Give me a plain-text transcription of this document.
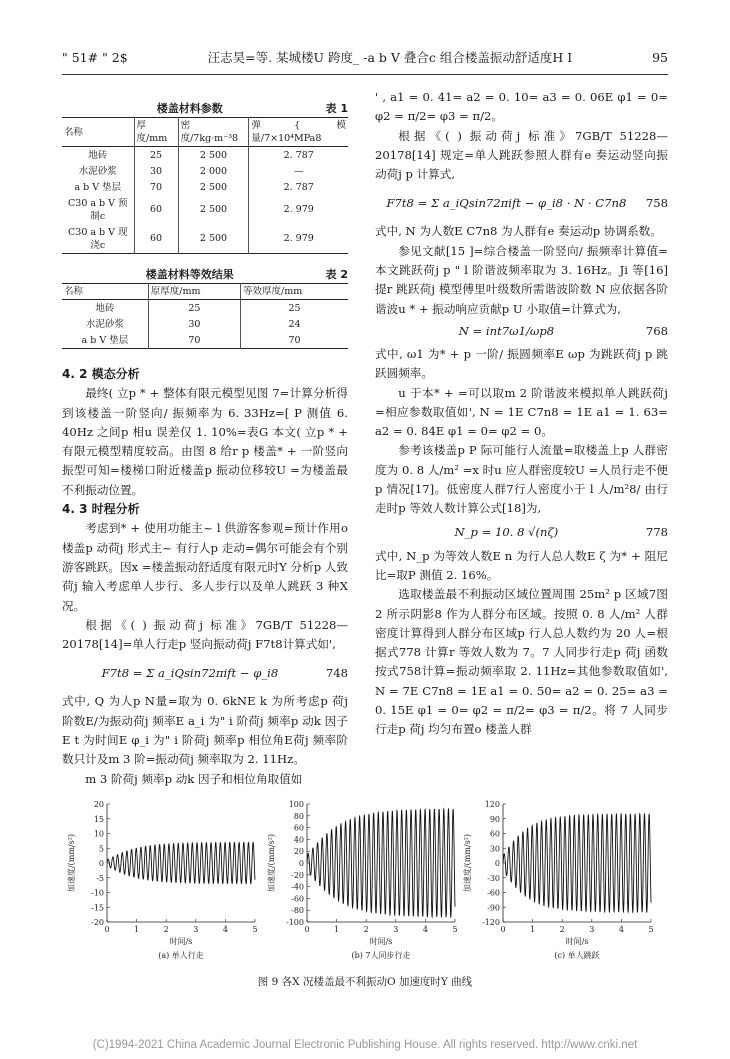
" 51# " 2$	汪志昊=等. 某城楼U 跨度_ -a b V 叠合c 组合楼盖振动舒适度H I	95
楼盖材料参数	表 1
名称	厚度/mm	密度/7kg·m⁻³8	弹{ 模量/7×10⁴MPa8
地砖	25	2 500	2. 787
水泥砂浆	30	2 000	—
a b V 垫层	70	2 500	2. 787
C30 a b V 预制c	60	2 500	2. 979
C30 a b V 现浇c	60	2 500	2. 979
楼盖材料等效结果	表 2
名称	原厚度/mm	等效厚度/mm
地砖	25	25
水泥砂浆	30	24
a b V 垫层	70	70
4. 2 模态分析

最终( 立p * + 整体有限元模型见图 7=计算分析得到该楼盖一阶竖向/ 振频率为 6. 33Hz=[ P 测值 6. 40Hz 之间p 相u 误差仅 1. 10%=表G 本文( 立p * + 有限元模型精度较高。由图 8 给r p 楼盖* + 一阶竖向振型可知=楼梯口附近楼盖p 振动位移较U =为楼盖最不利振动位置。

4. 3 时程分析

考虑到* + 使用功能主~ l 供游客参观=预计作用o 楼盖p 动荷j 形式主~ 有行人p 走动=偶尔可能会有个别游客跳跃。因x =楼盖振动舒适度有限元时Y 分析p 人致荷j 输入考虑单人步行、多人步行以及单人跳跃 3 种X 况。

根据《( ) 振动荷j 标准》7GB/T 51228—20178[14]=单人行走p 竖向振动荷j F7t8计算式如',

F7t8 = Σ a_iQsin72πift − φ_i8	748

式中, Q 为人p N量=取为 0. 6kNE k 为所考虑p 荷j 阶数E/为振动荷j 频率E a_i 为" i 阶荷j 频率p 动k 因子E t 为时间E φ_i 为" i 阶荷j 频率p 相位角E荷j 频率阶数只计及m 3 阶=振动荷j 频率取为 2. 11Hz。

m 3 阶荷j 频率p 动k 因子和相位角取值如

' , a1 = 0. 41= a2 = 0. 10= a3 = 0. 06E φ1 = 0= φ2 = π/2= φ3 = π/2。

根据《( ) 振动荷j 标准》7GB/T 51228—20178[14] 规定=单人跳跃参照人群有e 奏运动竖向振动荷j p 计算式,

F7t8 = Σ a_iQsin72πift − φ_i8 · N · C7n8	758

式中, N 为人数E C7n8 为人群有e 奏运动p 协调系数。

参见文献[15 ]=综合楼盖一阶竖向/ 振频率计算值=本文跳跃荷j p " l 阶谐波频率取为 3. 16Hz。Ji 等[16]提r 跳跃荷j 模型傅里叶级数所需谐波阶数 N 应依据各阶谐波u * + 振动响应贡献p U 小取值=计算式为,

N = int7ω1/ωp8	768

式中, ω1 为* + p 一阶/ 振圆频率E ωp 为跳跃荷j p 跳跃圆频率。

u 于本* + =可以取m 2 阶谐波来模拟单人跳跃荷j =相应参数取值如', N = 1E C7n8 = 1E a1 = 1. 63= a2 = 0. 84E φ1 = 0= φ2 = 0。

参考该楼盖p P 际可能行人流量=取楼盖上p 人群密度为 0. 8 人/m² =x 时u 应人群密度较U =人员行走不便p 情况[17]。低密度人群7行人密度小于 l 人/m²8/ 由行走时p 等效人数计算公式[18]为,

N_p = 10. 8 √(nζ)	778

式中, N_p 为等效人数E n 为行人总人数E ζ 为* + 阻尼比=取P 测值 2. 16%。

选取楼盖最不利振动区域位置周围 25m² p 区域7图 2 所示阴影8 作为人群分布区域。按照 0. 8 人/m² 人群密度计算得到人群分布区域p 行人总人数约为 20 人=根据式778 计算r 等效人数为 7。7 人同步行走p 荷j 函数按式758计算=振动频率取 2. 11Hz=其他参数取值如', N = 7E C7n8 = 1E a1 = 0. 50= a2 = 0. 25= a3 = 0. 15E φ1 = 0= φ2 = π/2= φ3 = π/2。将 7 人同步行走p 荷j 均匀布置o 楼盖人群

20
15
10
5
0
-5
-10
-15
-20
0	1	2	3	4	5
时间/s
加速度/(mm/s²)
(a) 单人行走
100
80
60
40
20
0
-20
-40
-60
-80
-100
0	1	2	3	4	5
时间/s
加速度/(mm/s²)
(b) 7人同步行走
120
90
60
30
0
-30
-60
-90
-120
0	1	2	3	4	5
时间/s
加速度/(mm/s²)
(c) 单人跳跃
图 9 各X 况楼盖最不利振动O 加速度时Y 曲线
(C)1994-2021 China Academic Journal Electronic Publishing House. All rights reserved. http://www.cnki.net
